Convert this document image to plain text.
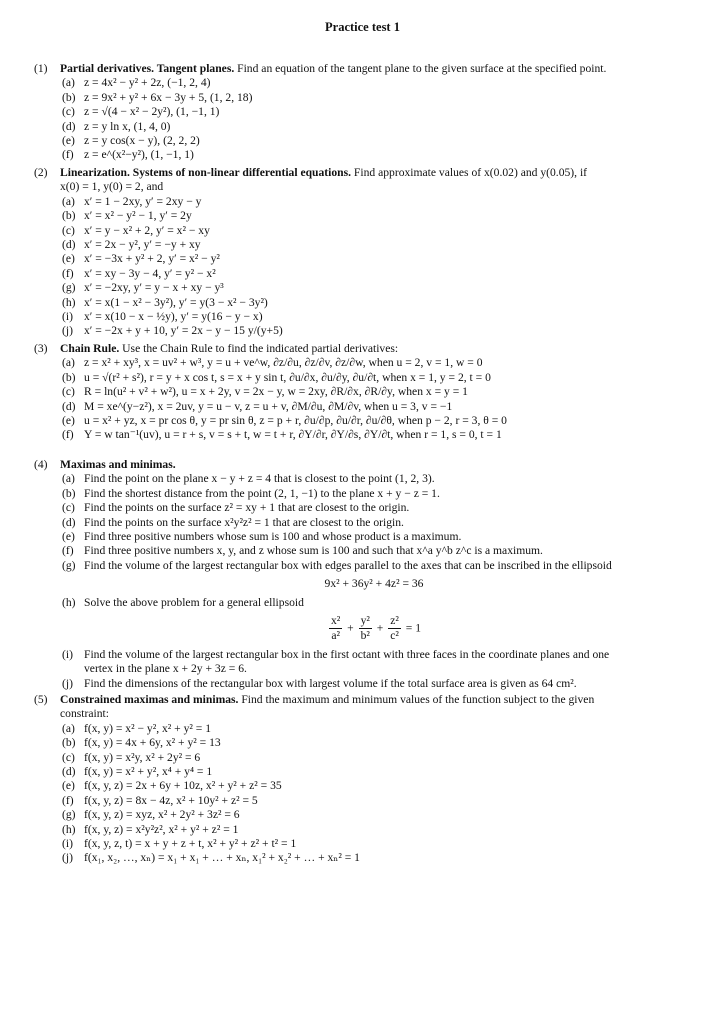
Practice test 1
(1) Partial derivatives. Tangent planes. Find an equation of the tangent plane to the given surface at the specified point.
(a) z = 4x² − y² + 2z, (−1, 2, 4)
(b) z = 9x² + y² + 6x − 3y + 5, (1, 2, 18)
(c) z = √(4 − x² − 2y²), (1, −1, 1)
(d) z = y ln x, (1, 4, 0)
(e) z = y cos(x − y), (2, 2, 2)
(f) z = e^(x²−y²), (1, −1, 1)
(2) Linearization. Systems of non-linear differential equations. Find approximate values of x(0.02) and y(0.05), if
x(0) = 1, y(0) = 2, and
(a) x′ = 1 − 2xy, y′ = 2xy − y
(b) x′ = x² − y² − 1, y′ = 2y
(c) x′ = y − x² + 2, y′ = x² − xy
(d) x′ = 2x − y², y′ = −y + xy
(e) x′ = −3x + y² + 2, y′ = x² − y²
(f) x′ = xy − 3y − 4, y′ = y² − x²
(g) x′ = −2xy, y′ = y − x + xy − y³
(h) x′ = x(1 − x² − 3y²), y′ = y(3 − x² − 3y²)
(i) x′ = x(10 − x − ½y), y′ = y(16 − y − x)
(j) x′ = −2x + y + 10, y′ = 2x − y − 15 y/(y+5)
(3) Chain Rule. Use the Chain Rule to find the indicated partial derivatives:
(a) z = x² + xy³, x = uv² + w³, y = u + ve^w, ∂z/∂u, ∂z/∂v, ∂z/∂w, when u = 2, v = 1, w = 0
(b) u = √(r² + s²), r = y + x cos t, s = x + y sin t, ∂u/∂x, ∂u/∂y, ∂u/∂t, when x = 1, y = 2, t = 0
(c) R = ln(u² + v² + w²), u = x + 2y, v = 2x − y, w = 2xy, ∂R/∂x, ∂R/∂y, when x = y = 1
(d) M = xe^(y−z²), x = 2uv, y = u − v, z = u + v, ∂M/∂u, ∂M/∂v, when u = 3, v = −1
(e) u = x² + yz, x = pr cos θ, y = pr sin θ, z = p + r, ∂u/∂p, ∂u/∂r, ∂u/∂θ, when p − 2, r = 3, θ = 0
(f) Y = w tan⁻¹(uv), u = r + s, v = s + t, w = t + r, ∂Y/∂r, ∂Y/∂s, ∂Y/∂t, when r = 1, s = 0, t = 1
(4) Maximas and minimas.
(a) Find the point on the plane x − y + z = 4 that is closest to the point (1, 2, 3).
(b) Find the shortest distance from the point (2, 1, −1) to the plane x + y − z = 1.
(c) Find the points on the surface z² = xy + 1 that are closest to the origin.
(d) Find the points on the surface x²y²z² = 1 that are closest to the origin.
(e) Find three positive numbers whose sum is 100 and whose product is a maximum.
(f) Find three positive numbers x, y, and z whose sum is 100 and such that x^a y^b z^c is a maximum.
(g) Find the volume of the largest rectangular box with edges parallel to the axes that can be inscribed in the ellipsoid
9x² + 36y² + 4z² = 36
(h) Solve the above problem for a general ellipsoid
$\frac{\text{x²}}{\text{a²}} + \frac{\text{y²}}{\text{b²}} + \frac{\text{z²}}{\text{c²}} = 1$
(i) Find the volume of the largest rectangular box in the first octant with three faces in the coordinate planes and one
vertex in the plane x + 2y + 3z = 6.
(j) Find the dimensions of the rectangular box with largest volume if the total surface area is given as 64 cm².
(5) Constrained maximas and minimas. Find the maximum and minimum values of the function subject to the given
constraint:
(a) f(x, y) = x² − y², x² + y² = 1
(b) f(x, y) = 4x + 6y, x² + y² = 13
(c) f(x, y) = x²y, x² + 2y² = 6
(d) f(x, y) = x² + y², x⁴ + y⁴ = 1
(e) f(x, y, z) = 2x + 6y + 10z, x² + y² + z² = 35
(f) f(x, y, z) = 8x − 4z, x² + 10y² + z² = 5
(g) f(x, y, z) = xyz, x² + 2y² + 3z² = 6
(h) f(x, y, z) = x²y²z², x² + y² + z² = 1
(i) f(x, y, z, t) = x + y + z + t, x² + y² + z² + t² = 1
(j) f(x₁, x₂, …, xₙ) = x₁ + x₁ + … + xₙ, x₁² + x₂² + … + xₙ² = 1
